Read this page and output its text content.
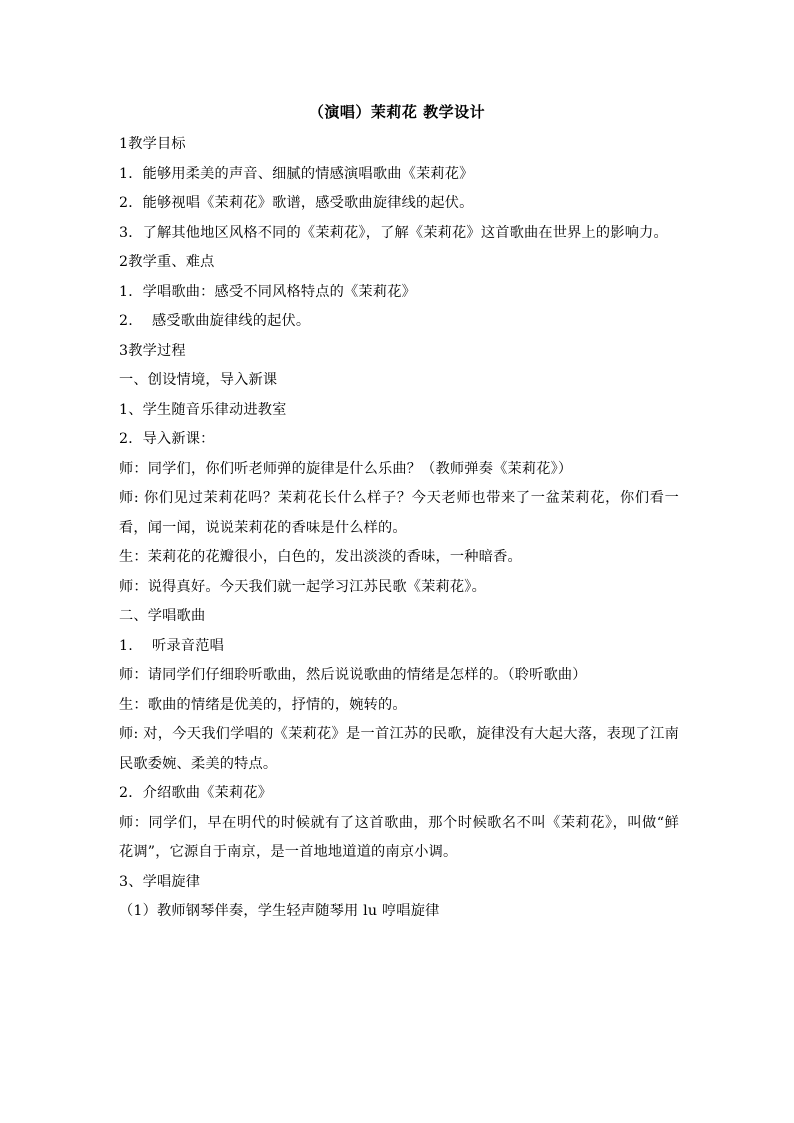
（演唱）茉莉花 教学设计

1教学目标

1．能够用柔美的声音、细腻的情感演唱歌曲《茉莉花》

2．能够视唱《茉莉花》歌谱，感受歌曲旋律线的起伏。

3．了解其他地区风格不同的《茉莉花》，了解《茉莉花》这首歌曲在世界上的影响力。

2教学重、难点

1．学唱歌曲：感受不同风格特点的《茉莉花》

2.　 感受歌曲旋律线的起伏。

3教学过程

一、创设情境，导入新课

1、学生随音乐律动进教室

2．导入新课：

师：同学们，你们听老师弹的旋律是什么乐曲？（教师弹奏《茉莉花》）

师: 你们见过茉莉花吗？茉莉花长什么样子？今天老师也带来了一盆茉莉花，你们看一看，闻一闻，说说茉莉花的香味是什么样的。

生：茉莉花的花瓣很小，白色的，发出淡淡的香味，一种暗香。

师：说得真好。今天我们就一起学习江苏民歌《茉莉花》。

二、学唱歌曲

1.　 听录音范唱

师：请同学们仔细聆听歌曲，然后说说歌曲的情绪是怎样的。（聆听歌曲）

生：歌曲的情绪是优美的，抒情的，婉转的。

师: 对，今天我们学唱的《茉莉花》是一首江苏的民歌，旋律没有大起大落，表现了江南民歌委婉、柔美的特点。

2．介绍歌曲《茉莉花》

师：同学们，早在明代的时候就有了这首歌曲，那个时候歌名不叫《茉莉花》，叫做“鲜花调”，它源自于南京，是一首地地道道的南京小调。

3、学唱旋律

（1）教师钢琴伴奏，学生轻声随琴用 lu 哼唱旋律
